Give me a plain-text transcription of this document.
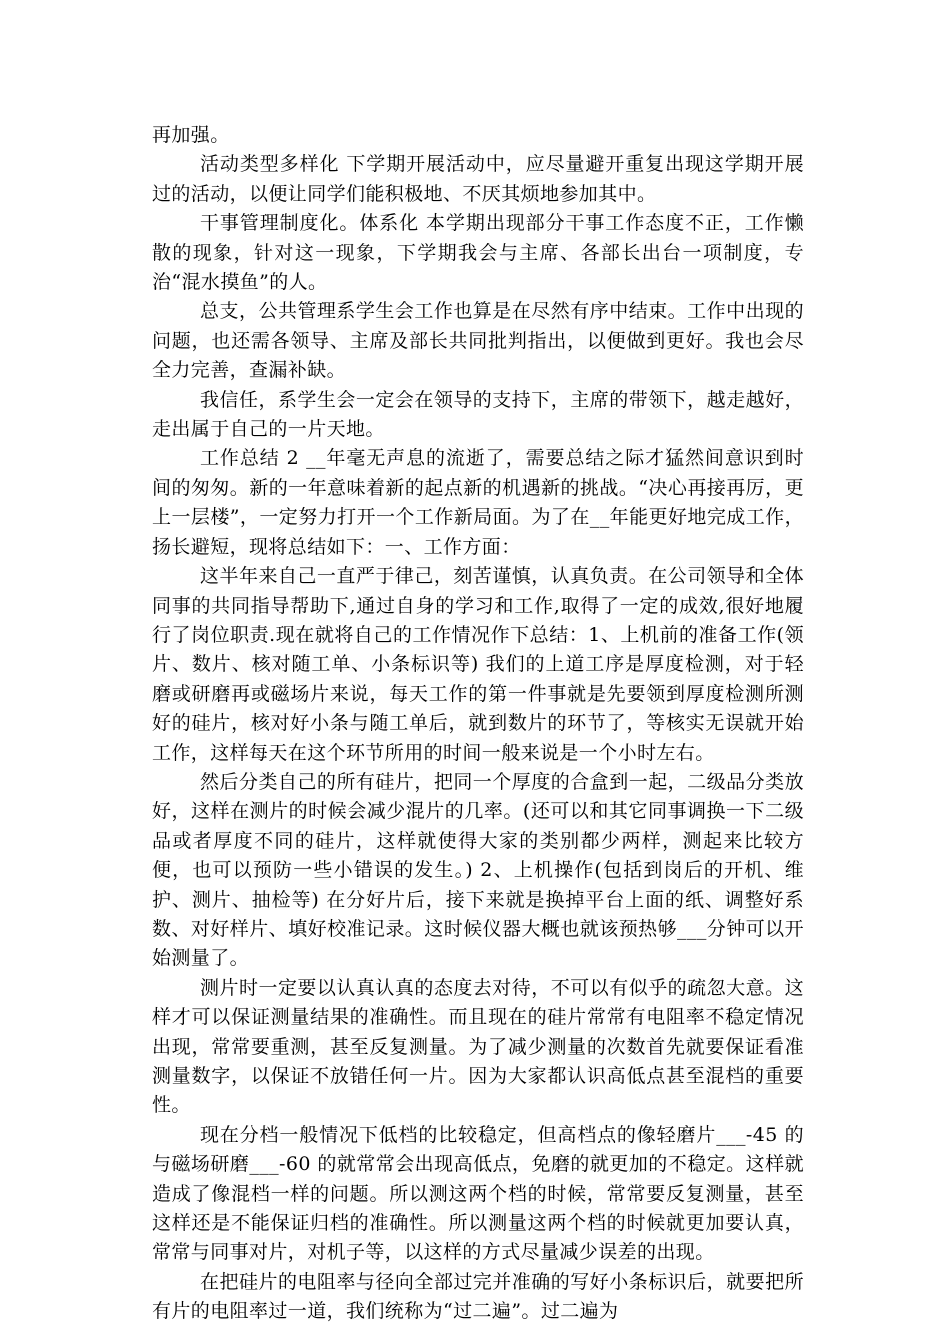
再加强。

活动类型多样化 下学期开展活动中，应尽量避开重复出现这学期开展过的活动，以便让同学们能积极地、不厌其烦地参加其中。

干事管理制度化。体系化 本学期出现部分干事工作态度不正，工作懒散的现象，针对这一现象，下学期我会与主席、各部长出台一项制度，专治“混水摸鱼”的人。

总支，公共管理系学生会工作也算是在尽然有序中结束。工作中出现的问题，也还需各领导、主席及部长共同批判指出，以便做到更好。我也会尽全力完善，查漏补缺。

我信任，系学生会一定会在领导的支持下，主席的带领下，越走越好，走出属于自己的一片天地。

工作总结 2 __年毫无声息的流逝了，需要总结之际才猛然间意识到时间的匆匆。新的一年意味着新的起点新的机遇新的挑战。“决心再接再厉，更上一层楼”，一定努力打开一个工作新局面。为了在__年能更好地完成工作，扬长避短，现将总结如下：一、工作方面：

这半年来自己一直严于律己，刻苦谨慎，认真负责。在公司领导和全体同事的共同指导帮助下,通过自身的学习和工作,取得了一定的成效,很好地履行了岗位职责.现在就将自己的工作情况作下总结：1、上机前的准备工作(领片、数片、核对随工单、小条标识等) 我们的上道工序是厚度检测，对于轻磨或研磨再或磁场片来说，每天工作的第一件事就是先要领到厚度检测所测好的硅片，核对好小条与随工单后，就到数片的环节了，等核实无误就开始工作，这样每天在这个环节所用的时间一般来说是一个小时左右。

然后分类自己的所有硅片，把同一个厚度的合盒到一起，二级品分类放好，这样在测片的时候会减少混片的几率。(还可以和其它同事调换一下二级品或者厚度不同的硅片，这样就使得大家的类别都少两样，测起来比较方便，也可以预防一些小错误的发生。) 2、上机操作(包括到岗后的开机、维护、测片、抽检等) 在分好片后，接下来就是换掉平台上面的纸、调整好系数、对好样片、填好校准记录。这时候仪器大概也就该预热够___分钟可以开始测量了。

测片时一定要以认真认真的态度去对待，不可以有似乎的疏忽大意。这样才可以保证测量结果的准确性。而且现在的硅片常常有电阻率不稳定情况出现，常常要重测，甚至反复测量。为了减少测量的次数首先就要保证看准测量数字，以保证不放错任何一片。因为大家都认识高低点甚至混档的重要性。

现在分档一般情况下低档的比较稳定，但高档点的像轻磨片___-45 的与磁场研磨___-60 的就常常会出现高低点，免磨的就更加的不稳定。这样就造成了像混档一样的问题。所以测这两个档的时候，常常要反复测量，甚至这样还是不能保证归档的准确性。所以测量这两个档的时候就更加要认真，常常与同事对片，对机子等，以这样的方式尽量减少误差的出现。

在把硅片的电阻率与径向全部过完并准确的写好小条标识后，就要把所有片的电阻率过一道，我们统称为“过二遍”。过二遍为
